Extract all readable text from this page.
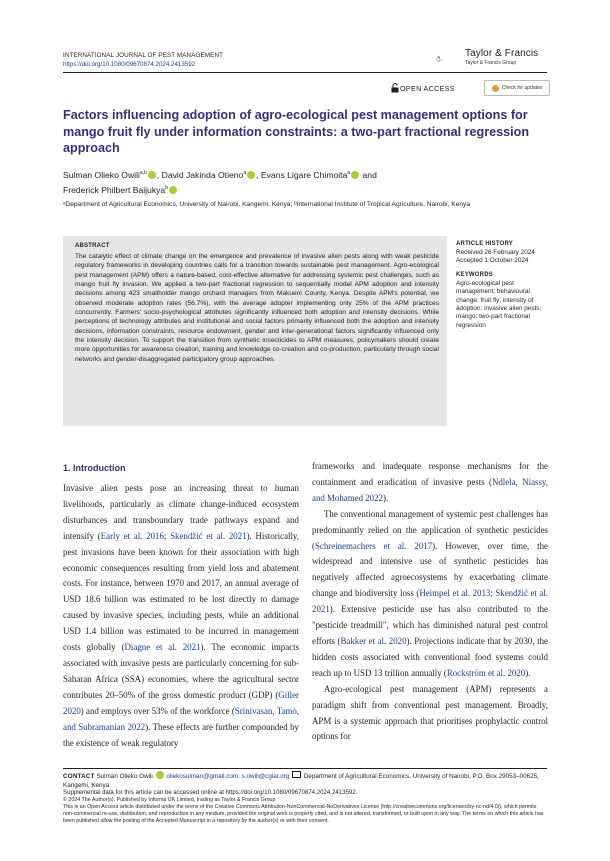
INTERNATIONAL JOURNAL OF PEST MANAGEMENT
https://doi.org/10.1080/09670874.2024.2413592
Taylor & Francis
Taylor & Francis Group
OPEN ACCESS	Check for updates
Factors influencing adoption of agro-ecological pest management options for mango fruit fly under information constraints: a two-part fractional regression approach
Sulman Olieko Owili$^{a,b}$ , David Jakinda Otieno$^a$ , Evans Ligare Chimoita$^a$ and
Frederick Philbert Baijukya$^b$
ᵃDepartment of Agricultural Economics, University of Nairobi, Kangemi, Kenya; ᵇInternational Institute of Tropical Agriculture, Nairobi, Kenya
ABSTRACT
The catalytic effect of climate change on the emergence and prevalence of invasive alien pests along with weak pesticide regulatory frameworks in developing countries calls for a transition towards sustainable pest management. Agro-ecological pest management (APM) offers a nature-based, cost-effective alternative for addressing systemic pest challenges, such as mango fruit fly invasion. We applied a two-part fractional regression to sequentially model APM adoption and intensity decisions among 423 smallholder mango orchard managers from Makueni County, Kenya. Despite APM's potential, we observed moderate adoption rates (56.7%), with the average adopter implementing only 25% of the APM practices concurrently. Farmers' socio-psychological attributes significantly influenced both adoption and intensity decisions. While perceptions of technology attributes and institutional and social factors primarily influenced both the adoption and intensity decisions, information constraints, resource endowment, gender and inter-generational factors significantly influenced only the intensity decision. To support the transition from synthetic insecticides to APM measures, policymakers should create more opportunities for awareness creation, training and knowledge co-creation and co-production, particularly through social networks and gender-disaggregated participatory group approaches.
ARTICLE HISTORY
Received 26 February 2024
Accepted 1 October 2024
KEYWORDS
Agro-ecological pest management; behavioural change; fruit fly; intensity of adoption; invasive alien pests; mango; two-part fractional regression
1. Introduction

Invasive alien pests pose an increasing threat to human livelihoods, particularly as climate change-induced ecosystem disturbances and transboundary trade pathways expand and intensify (Early et al. 2016; Skendžić et al. 2021). Historically, pest invasions have been known for their association with high economic consequences resulting from yield loss and abatement costs. For instance, between 1970 and 2017, an annual average of USD 18.6 billion was estimated to be lost directly to damage caused by invasive species, including pests, while an additional USD 1.4 billion was estimated to be incurred in management costs globally (Diagne et al. 2021). The economic impacts associated with invasive pests are particularly concerning for sub-Saharan Africa (SSA) economies, where the agricultural sector contributes 20–50% of the gross domestic product (GDP) (Giller 2020) and employs over 53% of the workforce (Srinivasan, Tamò, and Subramanian 2022). These effects are further compounded by the existence of weak regulatory

frameworks and inadequate response mechanisms for the containment and eradication of invasive pests (Ndlela, Niassy, and Mohamed 2022).

The conventional management of systemic pest challenges has predominantly relied on the application of synthetic pesticides (Schreinemachers et al. 2017). However, over time, the widespread and intensive use of synthetic pesticides has negatively affected agroecosystems by exacerbating climate change and biodiversity loss (Heimpel et al. 2013; Skendžić et al. 2021). Extensive pesticide use has also contributed to the "pesticide treadmill", which has diminished natural pest control efforts (Bakker et al. 2020). Projections indicate that by 2030, the hidden costs associated with conventional food systems could reach up to USD 13 trillion annually (Rockström et al. 2020).

Agro-ecological pest management (APM) represents a paradigm shift from conventional pest management. Broadly, APM is a systemic approach that prioritises prophylactic control options for

CONTACT Sulman Olieko Owili oliekosulman@gmail.com; s.owili@cgiar.org Department of Agricultural Economics, University of Nairobi, P.O. Box 29053–00625, Kangemi, Kenya
Supplemental data for this article can be accessed online at https://doi.org/10.1080/09670874.2024.2413592.
© 2024 The Author(s). Published by Informa UK Limited, trading as Taylor & Francis Group
This is an Open Access article distributed under the terms of the Creative Commons Attribution-NonCommercial-NoDerivatives License (http://creativecommons.org/licenses/by-nc-nd/4.0/), which permits non-commercial re-use, distribution, and reproduction in any medium, provided the original work is properly cited, and is not altered, transformed, or built upon in any way. The terms on which this article has been published allow the posting of the Accepted Manuscript in a repository by the author(s) or with their consent.
